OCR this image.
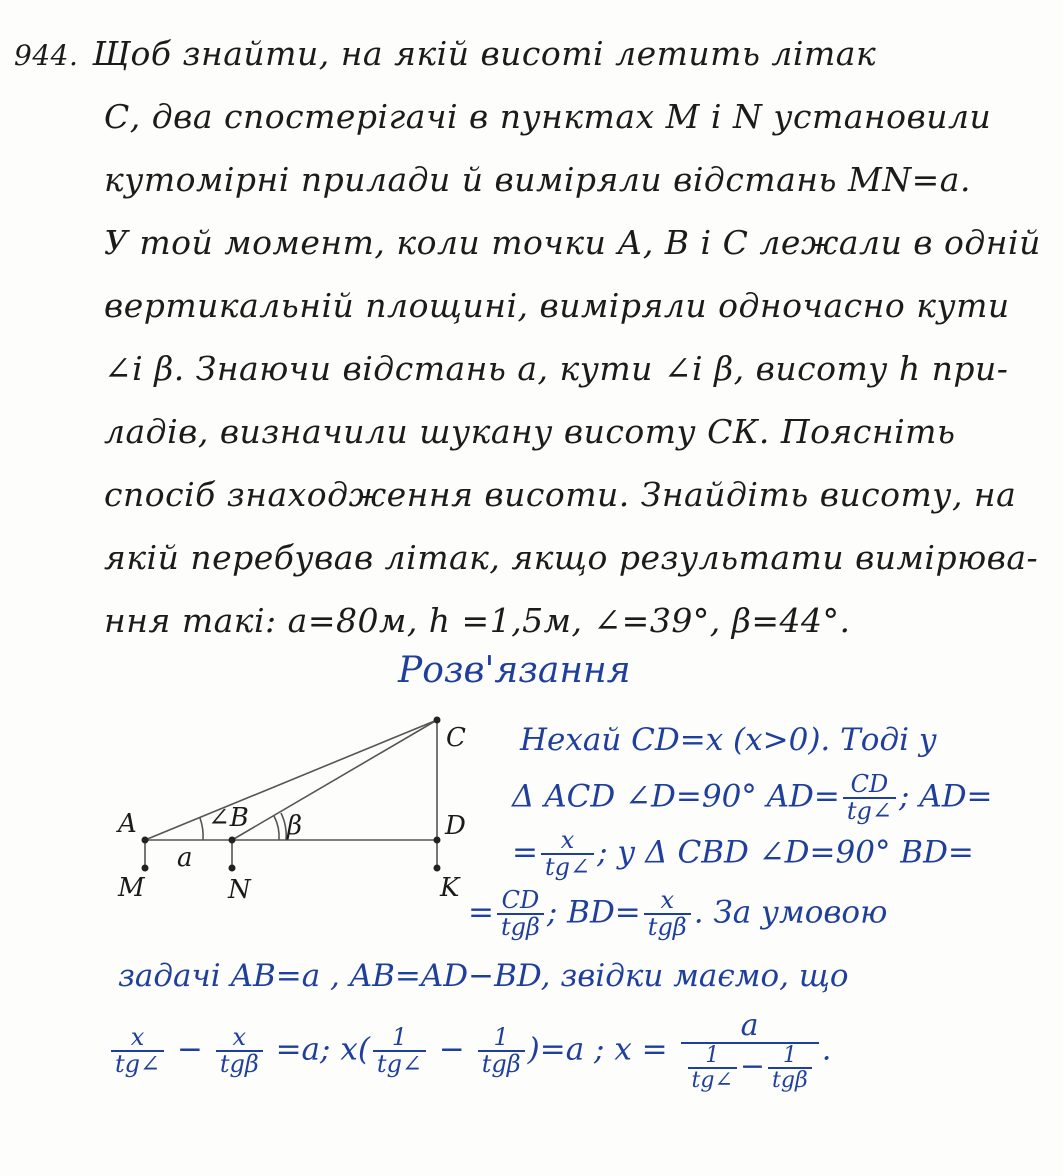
944. Щоб знайти, на якій висоті летить літак
С, два спостерігачі в пунктах М і N установили
кутомірні прилади й виміряли відстань МN=a.
У той момент, коли точки А, В і С лежали в одній
вертикальній площині, виміряли одночасно кути
∠і β. Знаючи відстань а, кути ∠і β, висоту h при-
ладів, визначили шукану висоту СК. Поясніть
спосіб знаходження висоти. Знайдіть висоту, на
якій перебував літак, якщо результати вимірюва-
ння такі: а=80м, h =1,5м, ∠=39°, β=44°.
Розв'язання
A	∠B
C
D
M	N	K
a
β
Нехай CD=x (x>0). Тоді у
Δ ACD ∠D=90° $AD= \frac{CD}{tg\angle}$ ; AD=
= $\frac{x}{tg\angle}$ ; у Δ CBD ∠D=90° BD=
= $\frac{CD}{\text{tgβ}}$ ; $BD= \frac{x}{\text{tgβ}}$ . За умовою
задачі AB=a , AB=AD−BD, звідки маємо, що
$\frac{x}{tg\angle} - \frac{x}{\text{tgβ}} =a$; $x( \frac{1}{tg\angle} - \frac{1}{\text{tgβ}} )=a$ ; $x = \frac{a}{\frac{1}{tg\angle} - \frac{1}{\text{tgβ}}}$ .
